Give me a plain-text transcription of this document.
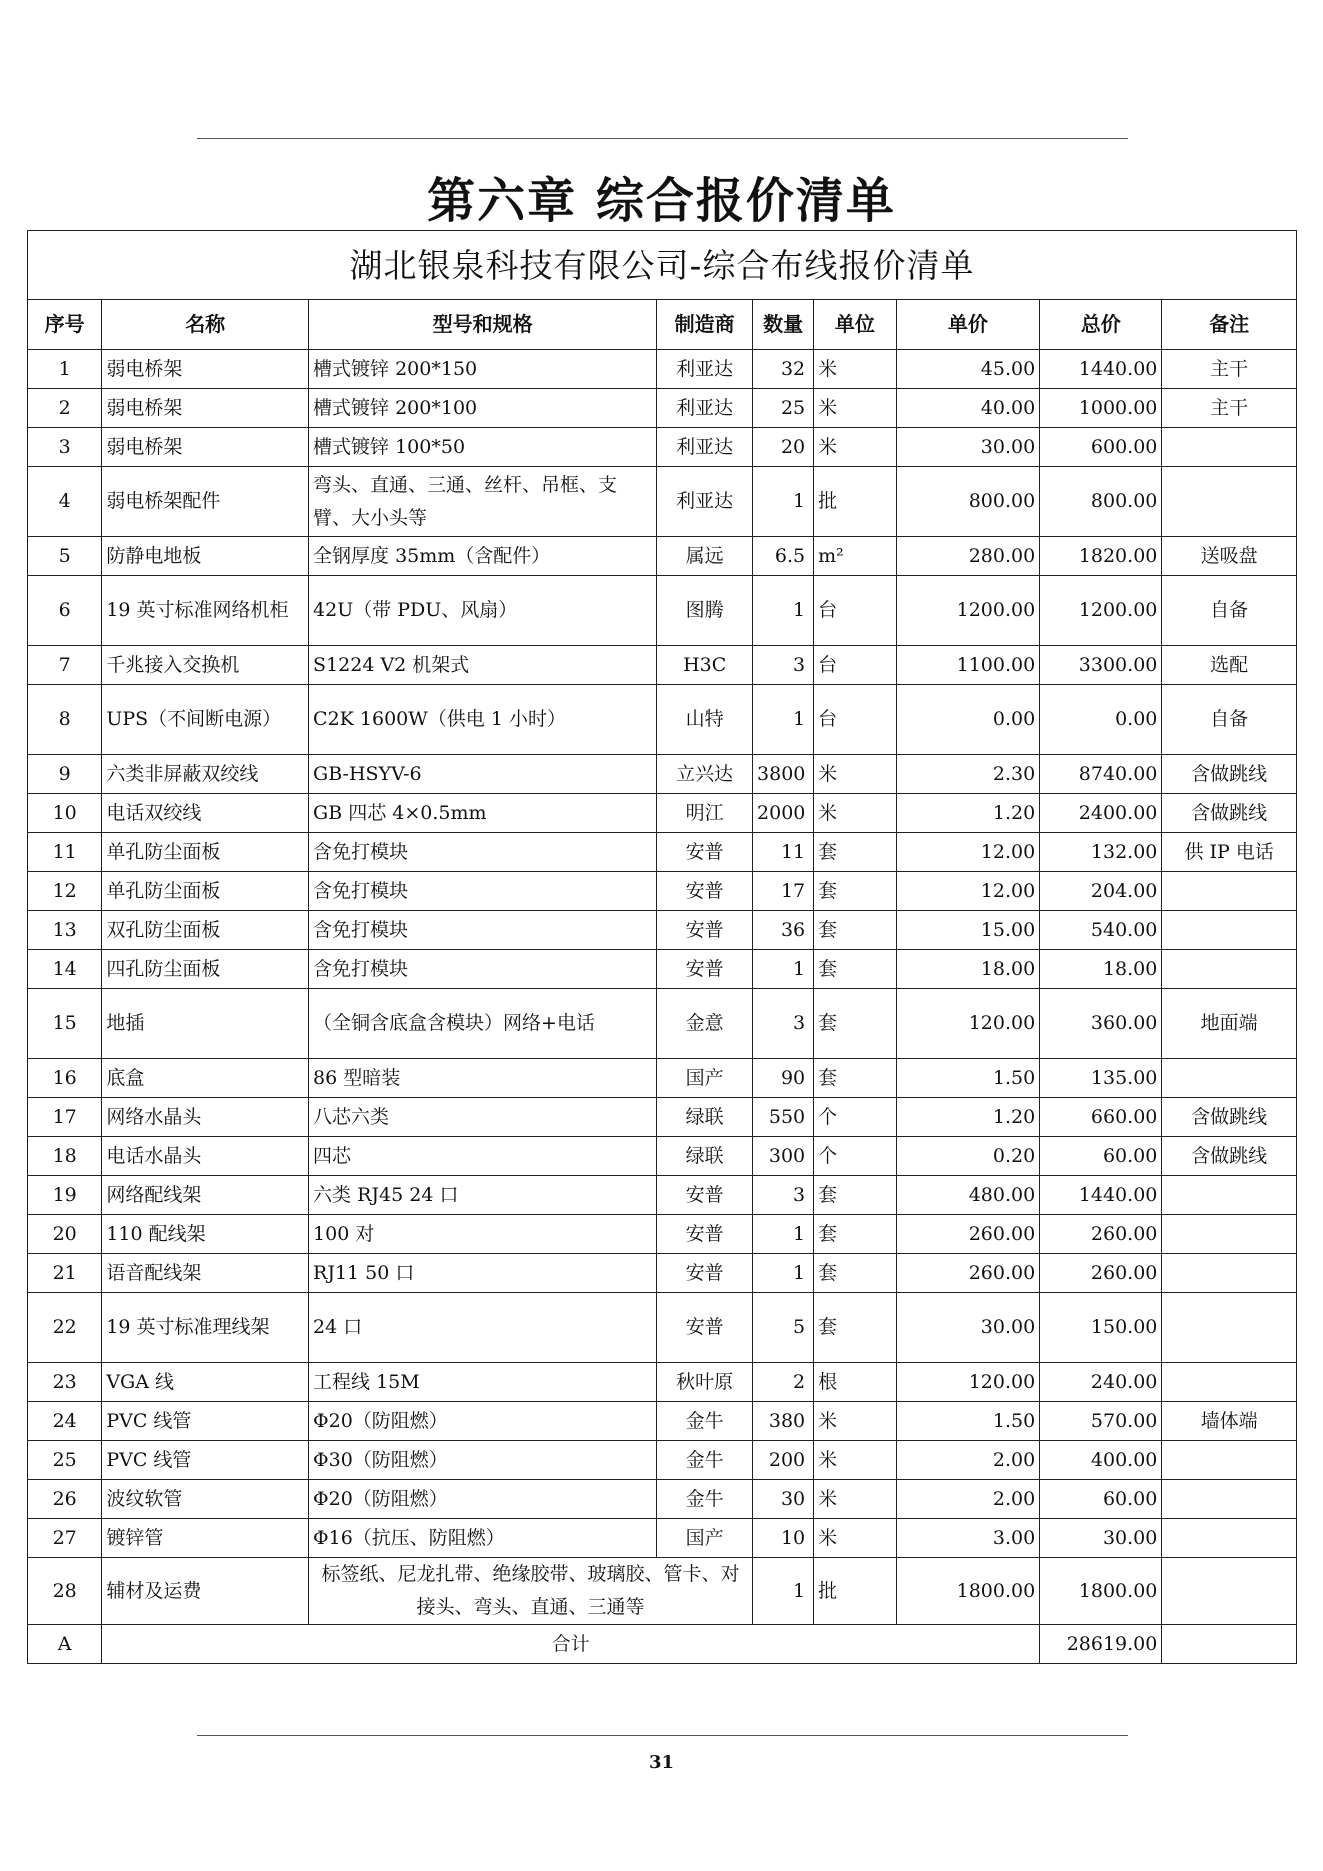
第六章 综合报价清单
湖北银泉科技有限公司-综合布线报价清单								
序号	名称	型号和规格	制造商	数量	单位	单价	总价	备注
1	弱电桥架	槽式镀锌 200*150	利亚达	32	米	45.00	1440.00	主干
2	弱电桥架	槽式镀锌 200*100	利亚达	25	米	40.00	1000.00	主干
3	弱电桥架	槽式镀锌 100*50	利亚达	20	米	30.00	600.00	
4	弱电桥架配件	弯头、直通、三通、丝杆、吊框、支臂、大小头等	利亚达	1	批	800.00	800.00	
5	防静电地板	全钢厚度 35mm（含配件）	属远	6.5	m²	280.00	1820.00	送吸盘
6	19 英寸标准网络机柜	42U（带 PDU、风扇）	图腾	1	台	1200.00	1200.00	自备
7	千兆接入交换机	S1224 V2 机架式	H3C	3	台	1100.00	3300.00	选配
8	UPS（不间断电源）	C2K 1600W（供电 1 小时）	山特	1	台	0.00	0.00	自备
9	六类非屏蔽双绞线	GB-HSYV-6	立兴达	3800	米	2.30	8740.00	含做跳线
10	电话双绞线	GB 四芯 4×0.5mm	明江	2000	米	1.20	2400.00	含做跳线
11	单孔防尘面板	含免打模块	安普	11	套	12.00	132.00	供 IP 电话
12	单孔防尘面板	含免打模块	安普	17	套	12.00	204.00	
13	双孔防尘面板	含免打模块	安普	36	套	15.00	540.00	
14	四孔防尘面板	含免打模块	安普	1	套	18.00	18.00	
15	地插	（全铜含底盒含模块）网络+电话	金意	3	套	120.00	360.00	地面端
16	底盒	86 型暗装	国产	90	套	1.50	135.00	
17	网络水晶头	八芯六类	绿联	550	个	1.20	660.00	含做跳线
18	电话水晶头	四芯	绿联	300	个	0.20	60.00	含做跳线
19	网络配线架	六类 RJ45 24 口	安普	3	套	480.00	1440.00	
20	110 配线架	100 对	安普	1	套	260.00	260.00	
21	语音配线架	RJ11 50 口	安普	1	套	260.00	260.00	
22	19 英寸标准理线架	24 口	安普	5	套	30.00	150.00	
23	VGA 线	工程线 15M	秋叶原	2	根	120.00	240.00	
24	PVC 线管	Φ20（防阻燃）	金牛	380	米	1.50	570.00	墙体端
25	PVC 线管	Φ30（防阻燃）	金牛	200	米	2.00	400.00	
26	波纹软管	Φ20（防阻燃）	金牛	30	米	2.00	60.00	
27	镀锌管	Φ16（抗压、防阻燃）	国产	10	米	3.00	30.00	
28	辅材及运费	标签纸、尼龙扎带、绝缘胶带、玻璃胶、管卡、对接头、弯头、直通、三通等		1	批	1800.00	1800.00	
A	合计						28619.00	
31
